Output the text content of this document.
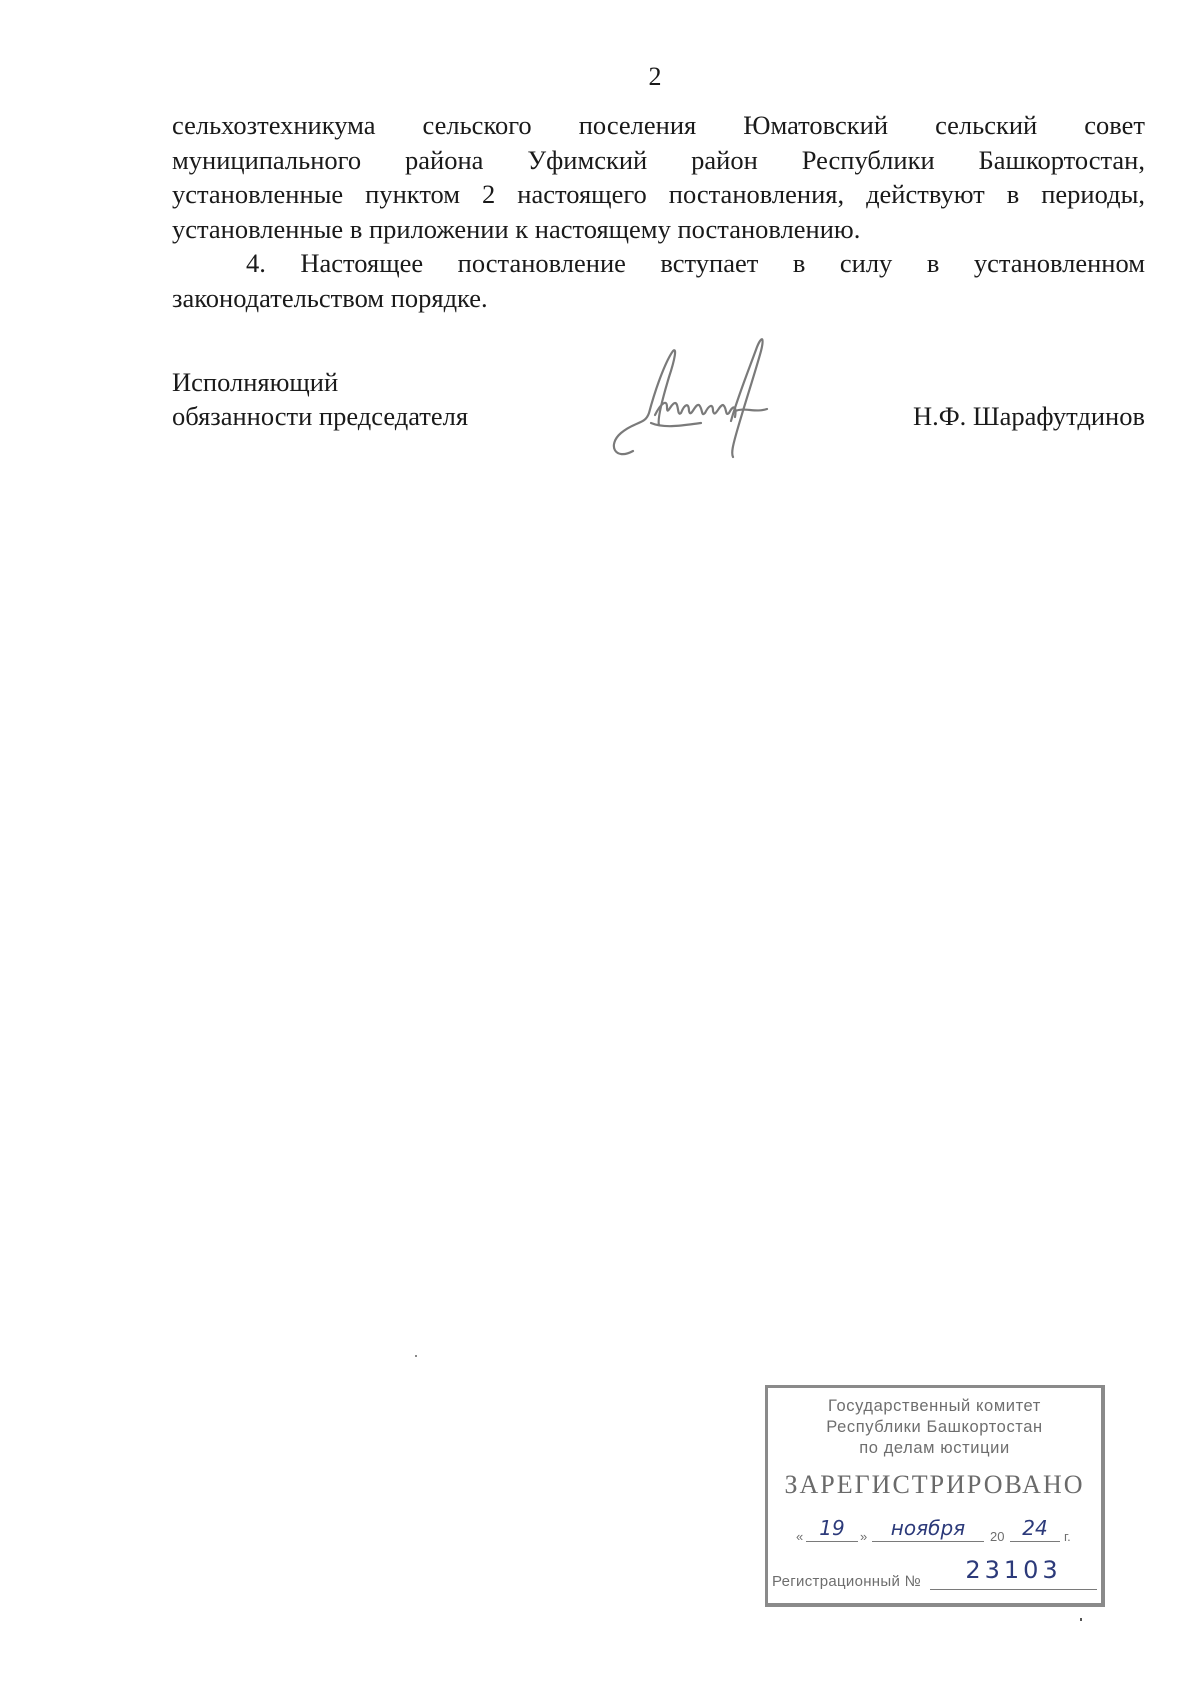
2

сельхозтехникума сельского поселения Юматовский сельский совет
муниципального района Уфимский район Республики Башкортостан,
установленные пунктом 2 настоящего постановления, действуют в периоды,
установленные в приложении к настоящему постановлению.

4. Настоящее постановление вступает в силу в установленном
законодательством порядке.

Исполняющий
обязанности председателя	Н.Ф. Шарафутдинов
Государственный комитет
Республики Башкортостан
по делам юстиции
ЗАРЕГИСТРИРОВАНО
« 19	»	ноября	20 24	г.
Регистрационный №	23103
